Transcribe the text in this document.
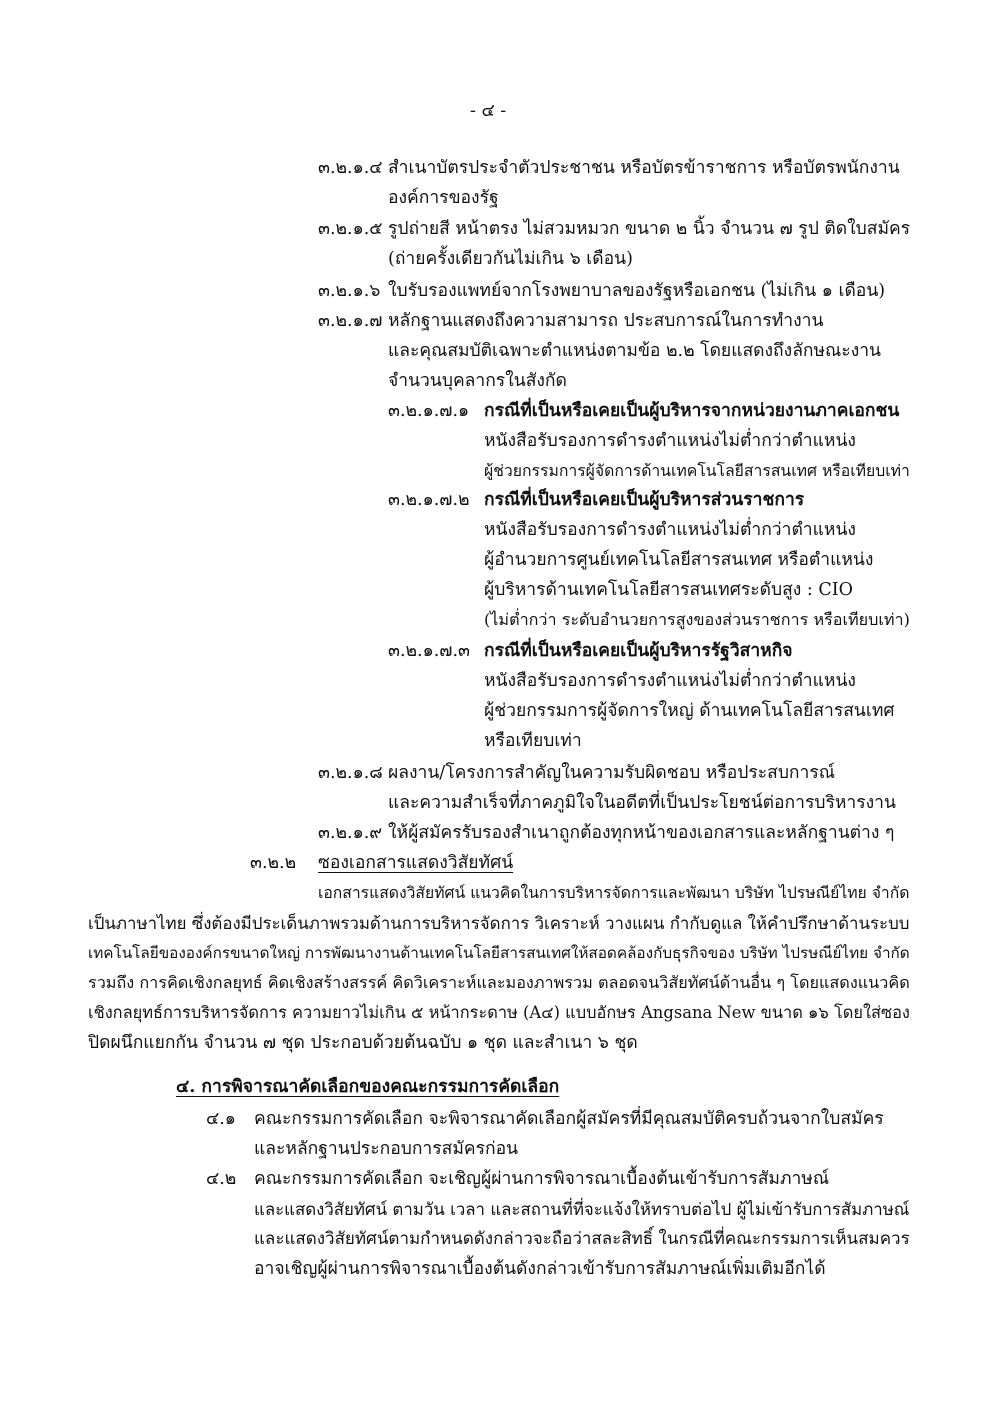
- ๔ -
๓.๒.๑.๔ สำเนาบัตรประจำตัวประชาชน หรือบัตรข้าราชการ หรือบัตรพนักงาน
องค์การของรัฐ
๓.๒.๑.๕ รูปถ่ายสี หน้าตรง ไม่สวมหมวก ขนาด ๒ นิ้ว จำนวน ๗ รูป ติดใบสมัคร
(ถ่ายครั้งเดียวกันไม่เกิน ๖ เดือน)
๓.๒.๑.๖ ใบรับรองแพทย์จากโรงพยาบาลของรัฐหรือเอกชน (ไม่เกิน ๑ เดือน)
๓.๒.๑.๗ หลักฐานแสดงถึงความสามารถ ประสบการณ์ในการทำงาน
และคุณสมบัติเฉพาะตำแหน่งตามข้อ ๒.๒ โดยแสดงถึงลักษณะงาน
จำนวนบุคลากรในสังกัด
๓.๒.๑.๗.๑ กรณีที่เป็นหรือเคยเป็นผู้บริหารจากหน่วยงานภาคเอกชน
หนังสือรับรองการดำรงตำแหน่งไม่ต่ำกว่าตำแหน่ง
ผู้ช่วยกรรมการผู้จัดการด้านเทคโนโลยีสารสนเทศ หรือเทียบเท่า
๓.๒.๑.๗.๒ กรณีที่เป็นหรือเคยเป็นผู้บริหารส่วนราชการ
หนังสือรับรองการดำรงตำแหน่งไม่ต่ำกว่าตำแหน่ง
ผู้อำนวยการศูนย์เทคโนโลยีสารสนเทศ หรือตำแหน่ง
ผู้บริหารด้านเทคโนโลยีสารสนเทศระดับสูง : CIO
(ไม่ต่ำกว่า ระดับอำนวยการสูงของส่วนราชการ หรือเทียบเท่า)
๓.๒.๑.๗.๓ กรณีที่เป็นหรือเคยเป็นผู้บริหารรัฐวิสาหกิจ
หนังสือรับรองการดำรงตำแหน่งไม่ต่ำกว่าตำแหน่ง
ผู้ช่วยกรรมการผู้จัดการใหญ่ ด้านเทคโนโลยีสารสนเทศ
หรือเทียบเท่า
๓.๒.๑.๘ ผลงาน/โครงการสำคัญในความรับผิดชอบ หรือประสบการณ์
และความสำเร็จที่ภาคภูมิใจในอดีตที่เป็นประโยชน์ต่อการบริหารงาน
๓.๒.๑.๙ ให้ผู้สมัครรับรองสำเนาถูกต้องทุกหน้าของเอกสารและหลักฐานต่าง ๆ
๓.๒.๒ ซองเอกสารแสดงวิสัยทัศน์
เอกสารแสดงวิสัยทัศน์ แนวคิดในการบริหารจัดการและพัฒนา บริษัท ไปรษณีย์ไทย จำกัด
เป็นภาษาไทย ซึ่งต้องมีประเด็นภาพรวมด้านการบริหารจัดการ วิเคราะห์ วางแผน กำกับดูแล ให้คำปรึกษาด้านระบบ
เทคโนโลยีขององค์กรขนาดใหญ่ การพัฒนางานด้านเทคโนโลยีสารสนเทศให้สอดคล้องกับธุรกิจของ บริษัท ไปรษณีย์ไทย จำกัด
รวมถึง การคิดเชิงกลยุทธ์ คิดเชิงสร้างสรรค์ คิดวิเคราะห์และมองภาพรวม ตลอดจนวิสัยทัศน์ด้านอื่น ๆ โดยแสดงแนวคิด
เชิงกลยุทธ์การบริหารจัดการ ความยาวไม่เกิน ๕ หน้ากระดาษ (A๔) แบบอักษร Angsana New ขนาด ๑๖ โดยใส่ซอง
ปิดผนึกแยกกัน จำนวน ๗ ชุด ประกอบด้วยต้นฉบับ ๑ ชุด และสำเนา ๖ ชุด
๔. การพิจารณาคัดเลือกของคณะกรรมการคัดเลือก
๔.๑ คณะกรรมการคัดเลือก จะพิจารณาคัดเลือกผู้สมัครที่มีคุณสมบัติครบถ้วนจากใบสมัคร
และหลักฐานประกอบการสมัครก่อน
๔.๒ คณะกรรมการคัดเลือก จะเชิญผู้ผ่านการพิจารณาเบื้องต้นเข้ารับการสัมภาษณ์
และแสดงวิสัยทัศน์ ตามวัน เวลา และสถานที่ที่จะแจ้งให้ทราบต่อไป ผู้ไม่เข้ารับการสัมภาษณ์
และแสดงวิสัยทัศน์ตามกำหนดดังกล่าวจะถือว่าสละสิทธิ์ ในกรณีที่คณะกรรมการเห็นสมควร
อาจเชิญผู้ผ่านการพิจารณาเบื้องต้นดังกล่าวเข้ารับการสัมภาษณ์เพิ่มเติมอีกได้
